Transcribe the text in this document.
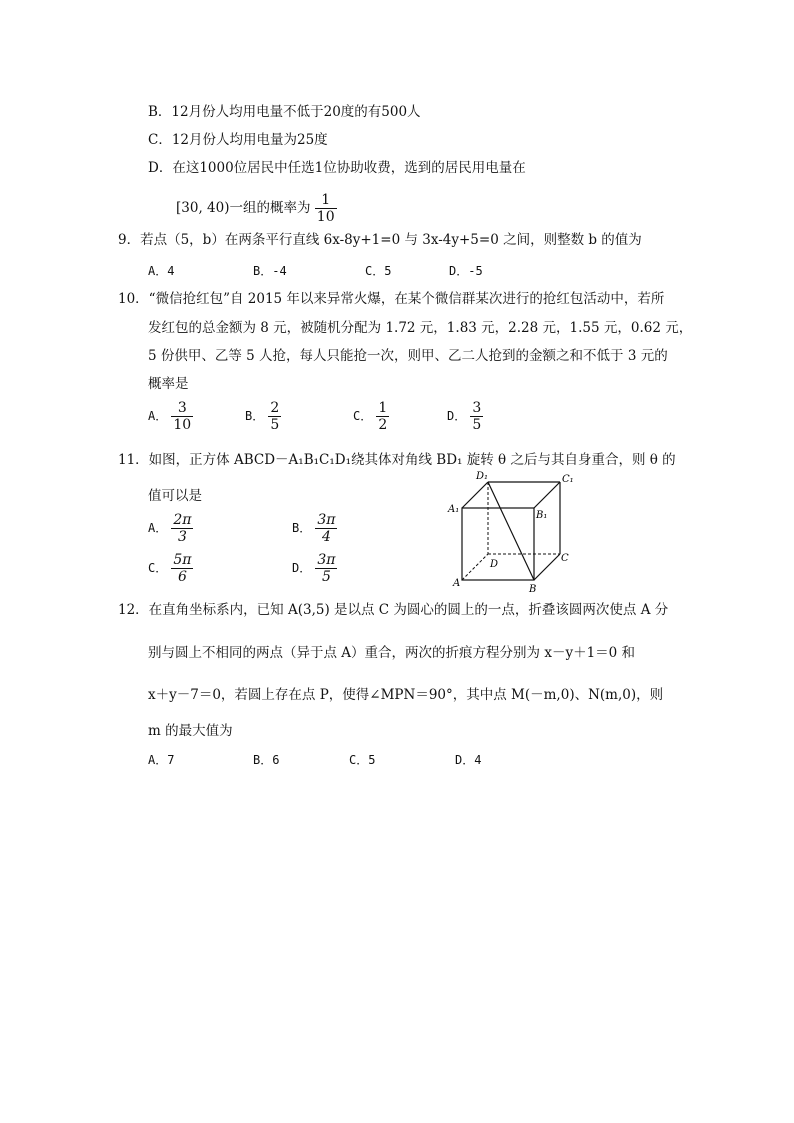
B．12月份人均用电量不低于20度的有500人
C．12月份人均用电量为25度
D．在这1000位居民中任选1位协助收费，选到的居民用电量在
[30, 40)一组的概率为 $\frac{1}{10}$
9．若点（5，b）在两条平行直线 6x-8y+1=0 与 3x-4y+5=0 之间，则整数 b 的值为
A．4	B．-4	C．5	D．-5
10．“微信抢红包”自 2015 年以来异常火爆，在某个微信群某次进行的抢红包活动中，若所
发红包的总金额为 8 元，被随机分配为 1.72 元，1.83 元，2.28 元，1.55 元，0.62 元，
5 份供甲、乙等 5 人抢，每人只能抢一次，则甲、乙二人抢到的金额之和不低于 3 元的
概率是
A． $\frac{3}{10}$	B． $\frac{2}{5}$	C． $\frac{1}{2}$	D． $\frac{3}{5}$
11．如图，正方体 ABCD－A₁B₁C₁D₁绕其体对角线 BD₁ 旋转 θ 之后与其自身重合，则 θ 的
值可以是
A． $\frac{2\pi}{3}$	B． $\frac{3\pi}{4}$
C． $\frac{5\pi}{6}$	D． $\frac{3\pi}{5}$
D₁	C₁
A₁
B₁
D
C
A
B
12．在直角坐标系内，已知 A(3,5) 是以点 C 为圆心的圆上的一点，折叠该圆两次使点 A 分
别与圆上不相同的两点（异于点 A）重合，两次的折痕方程分别为 x－y＋1＝0 和
x＋y－7＝0，若圆上存在点 P，使得∠MPN＝90°，其中点 M(－m,0)、N(m,0)，则
m 的最大值为
A．7	B．6	C．5	D．4
